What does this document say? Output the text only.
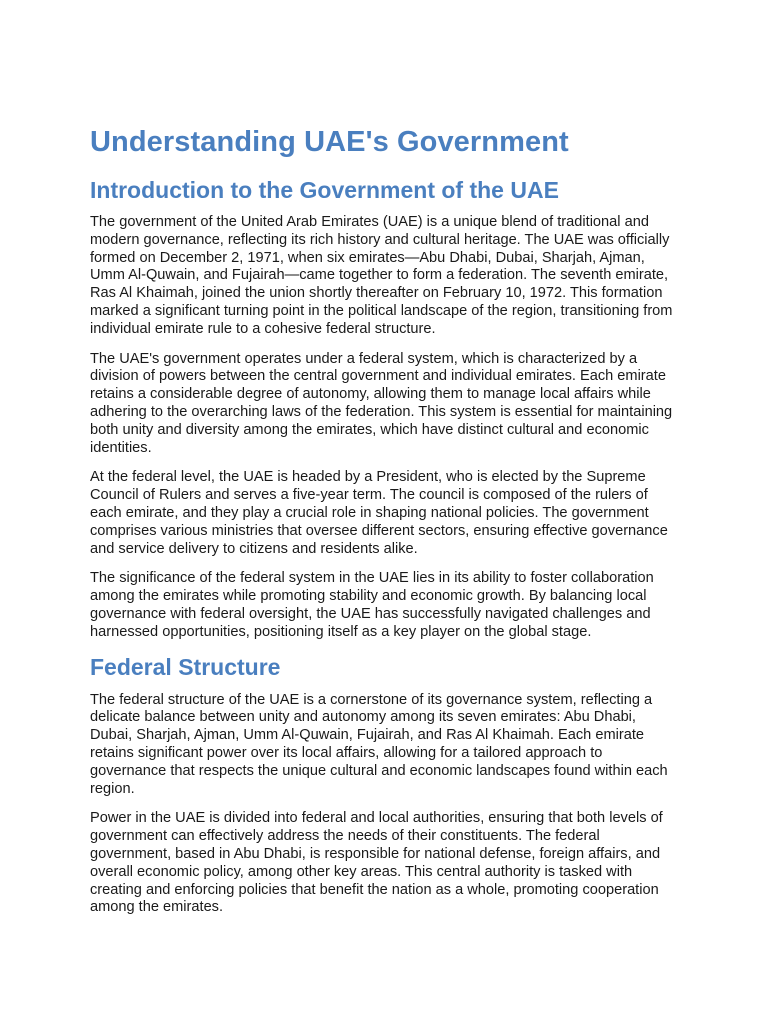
Understanding UAE's Government
Introduction to the Government of the UAE

The government of the United Arab Emirates (UAE) is a unique blend of traditional and modern governance, reflecting its rich history and cultural heritage. The UAE was officially formed on December 2, 1971, when six emirates—Abu Dhabi, Dubai, Sharjah, Ajman, Umm Al-Quwain, and Fujairah—came together to form a federation. The seventh emirate, Ras Al Khaimah, joined the union shortly thereafter on February 10, 1972. This formation marked a significant turning point in the political landscape of the region, transitioning from individual emirate rule to a cohesive federal structure.

The UAE's government operates under a federal system, which is characterized by a division of powers between the central government and individual emirates. Each emirate retains a considerable degree of autonomy, allowing them to manage local affairs while adhering to the overarching laws of the federation. This system is essential for maintaining both unity and diversity among the emirates, which have distinct cultural and economic identities.

At the federal level, the UAE is headed by a President, who is elected by the Supreme Council of Rulers and serves a five-year term. The council is composed of the rulers of each emirate, and they play a crucial role in shaping national policies. The government comprises various ministries that oversee different sectors, ensuring effective governance and service delivery to citizens and residents alike.

The significance of the federal system in the UAE lies in its ability to foster collaboration among the emirates while promoting stability and economic growth. By balancing local governance with federal oversight, the UAE has successfully navigated challenges and harnessed opportunities, positioning itself as a key player on the global stage.

Federal Structure

The federal structure of the UAE is a cornerstone of its governance system, reflecting a delicate balance between unity and autonomy among its seven emirates: Abu Dhabi, Dubai, Sharjah, Ajman, Umm Al-Quwain, Fujairah, and Ras Al Khaimah. Each emirate retains significant power over its local affairs, allowing for a tailored approach to governance that respects the unique cultural and economic landscapes found within each region.

Power in the UAE is divided into federal and local authorities, ensuring that both levels of government can effectively address the needs of their constituents. The federal government, based in Abu Dhabi, is responsible for national defense, foreign affairs, and overall economic policy, among other key areas. This central authority is tasked with creating and enforcing policies that benefit the nation as a whole, promoting cooperation among the emirates.
